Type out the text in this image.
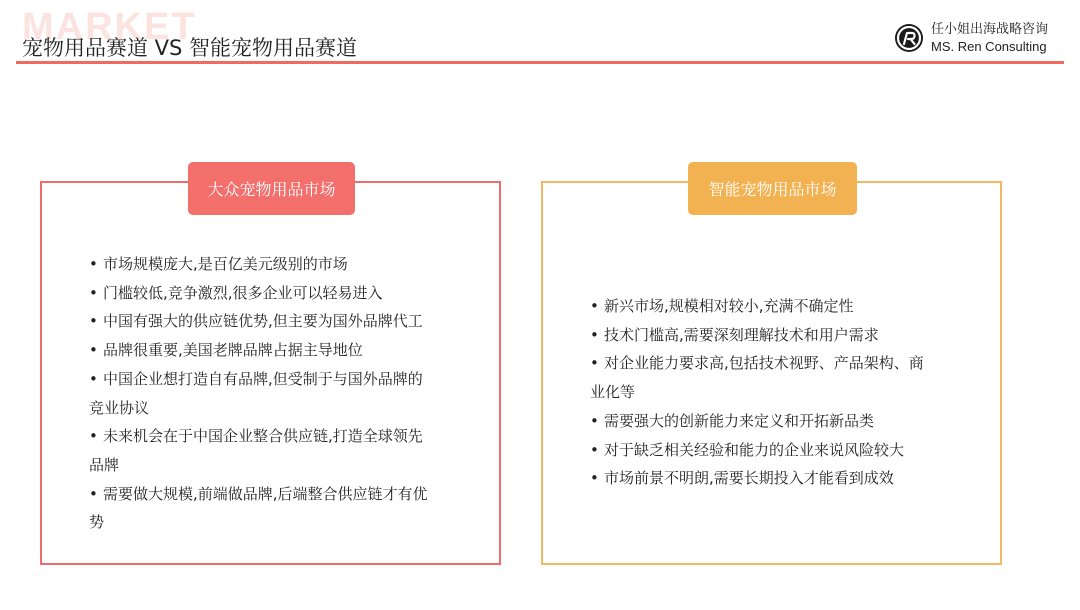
MARKET
宠物用品赛道 VS 智能宠物用品赛道
任小姐出海战略咨询
MS. Ren Consulting
大众宠物用品市场
• 市场规模庞大,是百亿美元级别的市场
• 门槛较低,竞争激烈,很多企业可以轻易进入
• 中国有强大的供应链优势,但主要为国外品牌代工
• 品牌很重要,美国老牌品牌占据主导地位
• 中国企业想打造自有品牌,但受制于与国外品牌的
竞业协议
• 未来机会在于中国企业整合供应链,打造全球领先
品牌
• 需要做大规模,前端做品牌,后端整合供应链才有优
势
智能宠物用品市场
• 新兴市场,规模相对较小,充满不确定性
• 技术门槛高,需要深刻理解技术和用户需求
• 对企业能力要求高,包括技术视野、产品架构、商
业化等
• 需要强大的创新能力来定义和开拓新品类
• 对于缺乏相关经验和能力的企业来说风险较大
• 市场前景不明朗,需要长期投入才能看到成效
